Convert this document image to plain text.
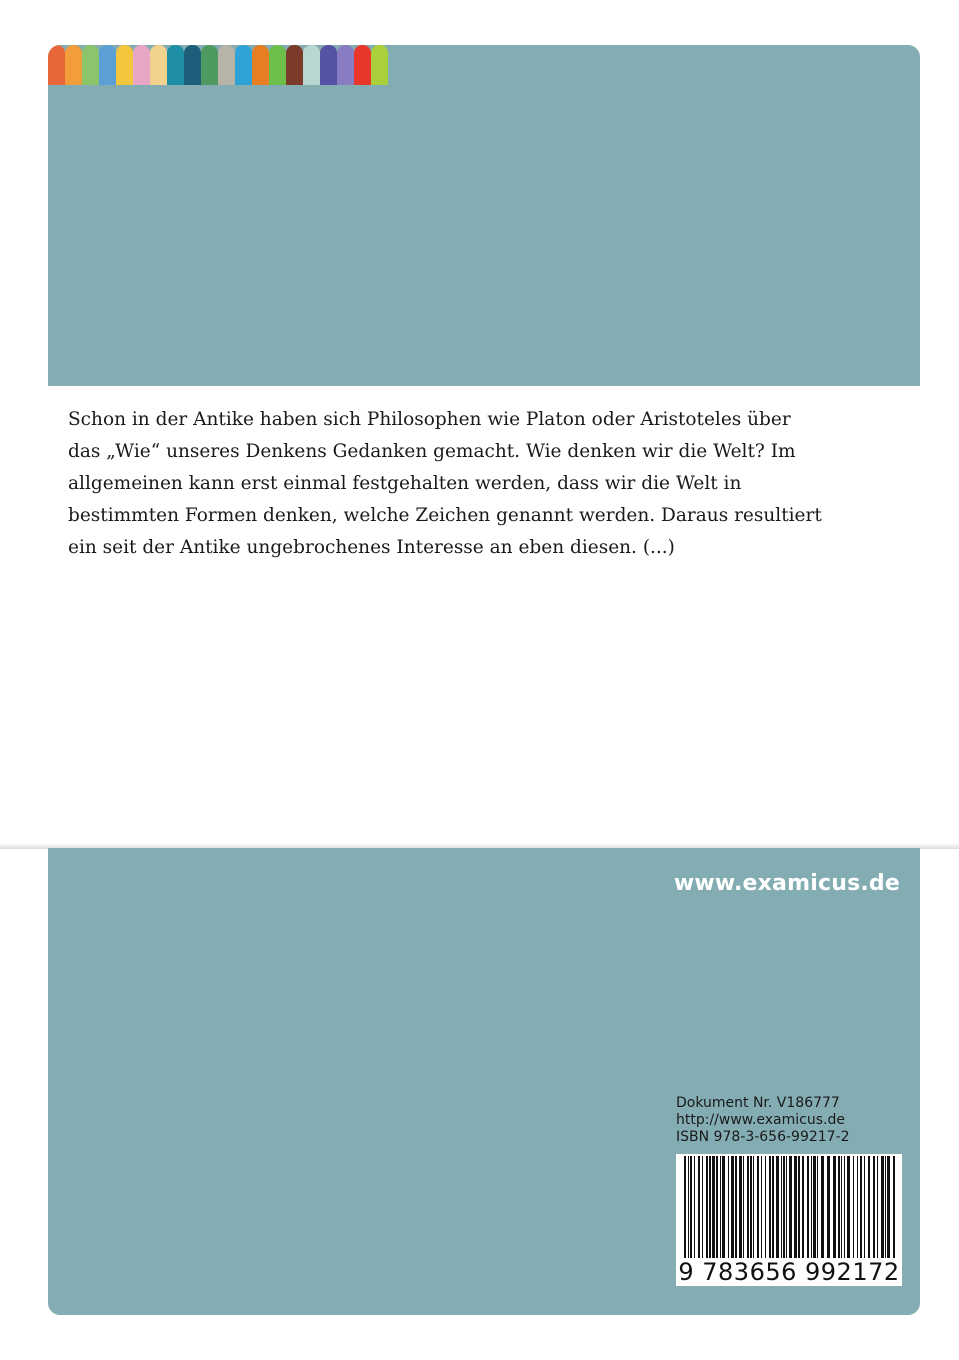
Schon in der Antike haben sich Philosophen wie Platon oder Aristoteles über

das „Wie“ unseres Denkens Gedanken gemacht. Wie denken wir die Welt? Im

allgemeinen kann erst einmal festgehalten werden, dass wir die Welt in

bestimmten Formen denken, welche Zeichen genannt werden. Daraus resultiert

ein seit der Antike ungebrochenes Interesse an eben diesen. (...)

www.examicus.de
Dokument Nr. V186777
http://www.examicus.de
ISBN 978-3-656-99217-2
9 783656 992172
